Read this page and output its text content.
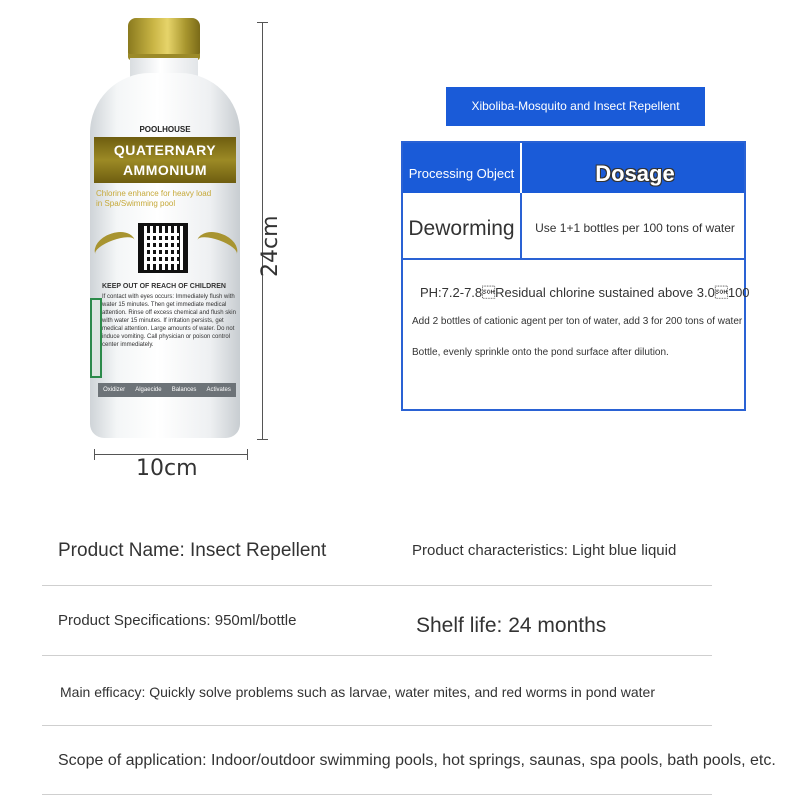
POOLHOUSE
QUATERNARY
AMMONIUM
Chlorine enhance for heavy load in Spa/Swimming pool
KEEP OUT OF REACH OF CHILDREN
If contact with eyes occurs: Immediately flush with water 15 minutes. Then get immediate medical attention. Rinse off excess chemical and flush skin with water 15 minutes. If irritation persists, get medical attention. Large amounts of water. Do not induce vomiting. Call physician or poison control center immediately.
Oxidizer Algaecide Balances Activates
24cm
10cm
Xiboliba-Mosquito and Insect Repellent
Processing Object	Dosage
Deworming	Use 1+1 bottles per 100 tons of water
PH:7.2-7.8Residual chlorine sustained above 3.0100
Add 2 bottles of cationic agent per ton of water, add 3 for 200 tons of water
Bottle, evenly sprinkle onto the pond surface after dilution.
Product Name: Insect Repellent	Product characteristics: Light blue liquid
Product Specifications: 950ml/bottle	Shelf life: 24 months
Main efficacy: Quickly solve problems such as larvae, water mites, and red worms in pond water
Scope of application: Indoor/outdoor swimming pools, hot springs, saunas, spa pools, bath pools, etc.
